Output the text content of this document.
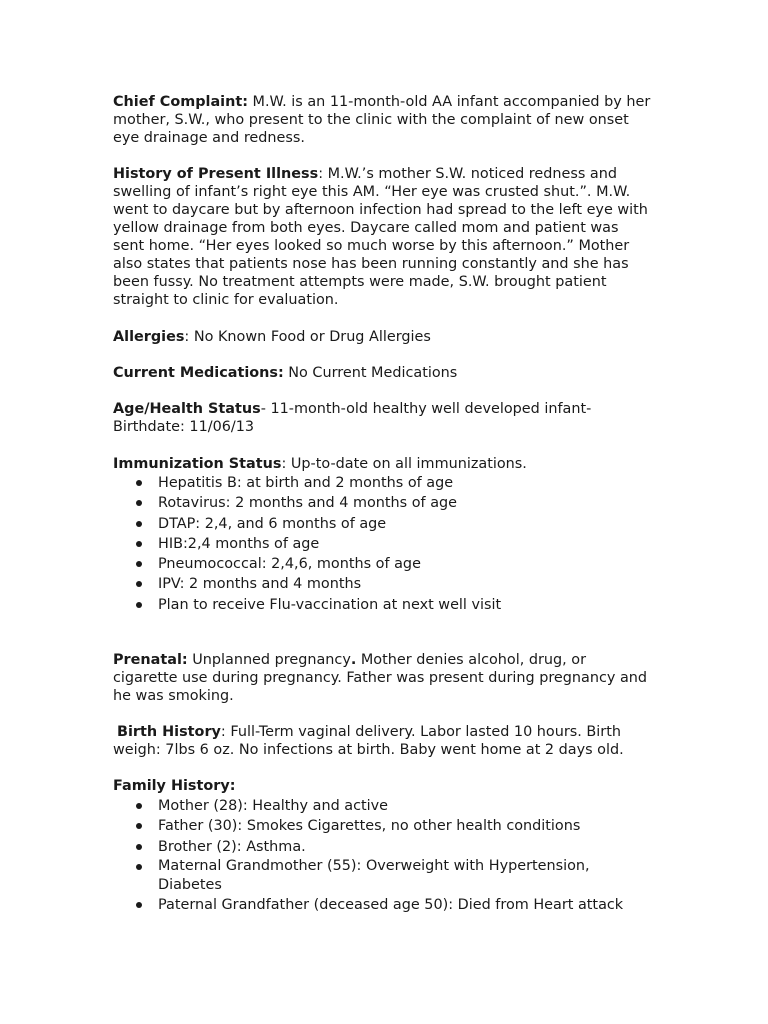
Chief Complaint: M.W. is an 11-month-old AA infant accompanied by her mother, S.W., who present to the clinic with the complaint of new onset eye drainage and redness.

History of Present Illness: M.W.’s mother S.W. noticed redness and swelling of infant’s right eye this AM. “Her eye was crusted shut.”. M.W. went to daycare but by afternoon infection had spread to the left eye with yellow drainage from both eyes. Daycare called mom and patient was sent home. “Her eyes looked so much worse by this afternoon.” Mother also states that patients nose has been running constantly and she has been fussy. No treatment attempts were made, S.W. brought patient straight to clinic for evaluation.

Allergies: No Known Food or Drug Allergies

Current Medications: No Current Medications

Age/Health Status- 11-month-old healthy well developed infant- Birthdate: 11/06/13

Immunization Status: Up-to-date on all immunizations.

Hepatitis B: at birth and 2 months of age
Rotavirus: 2 months and 4 months of age
DTAP: 2,4, and 6 months of age
HIB:2,4 months of age
Pneumococcal: 2,4,6, months of age
IPV: 2 months and 4 months
Plan to receive Flu-vaccination at next well visit

Prenatal: Unplanned pregnancy. Mother denies alcohol, drug, or cigarette use during pregnancy. Father was present during pregnancy and he was smoking.

Birth History: Full-Term vaginal delivery. Labor lasted 10 hours. Birth weigh: 7lbs 6 oz. No infections at birth. Baby went home at 2 days old.

Family History:

Mother (28): Healthy and active
Father (30): Smokes Cigarettes, no other health conditions
Brother (2): Asthma.
Maternal Grandmother (55): Overweight with Hypertension, Diabetes
Paternal Grandfather (deceased age 50): Died from Heart attack
